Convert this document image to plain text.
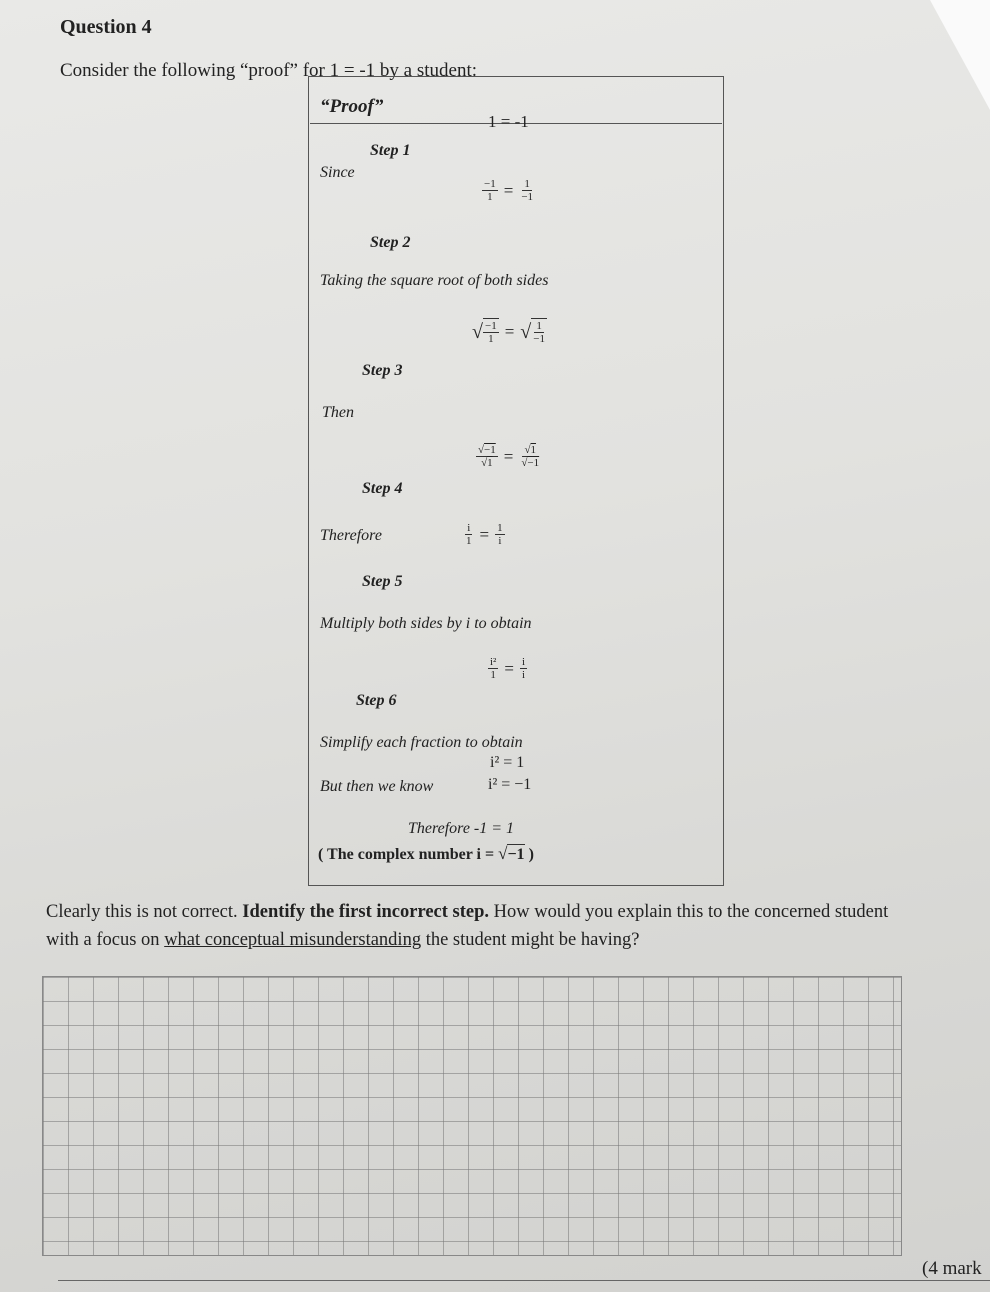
Question 4
Consider the following “proof” for 1 = -1 by a student:
“Proof”
1 = -1
Step 1
Since
$\frac{-1}{1} = \frac{1}{-1}$
Step 2
Taking the square root of both sides
√ $\frac{-1}{1}$ = √ $\frac{1}{-1}$
Step 3
Then
$\frac{√-1}{√1} = \frac{√1}{√-1}$
Step 4
Therefore	$\frac{i}{1} = \frac{1}{i}$
Step 5
Multiply both sides by i to obtain
$\frac{\text{i²}}{1} = \frac{i}{i}$
Step 6
Simplify each fraction to obtain
i² = 1
But then we know	i² = −1
Therefore -1 = 1
( The complex number i = √ −1 )
Clearly this is not correct. Identify the first incorrect step. How would you explain this to the concerned student
with a focus on what conceptual misunderstanding the student might be having?
(4 mark
